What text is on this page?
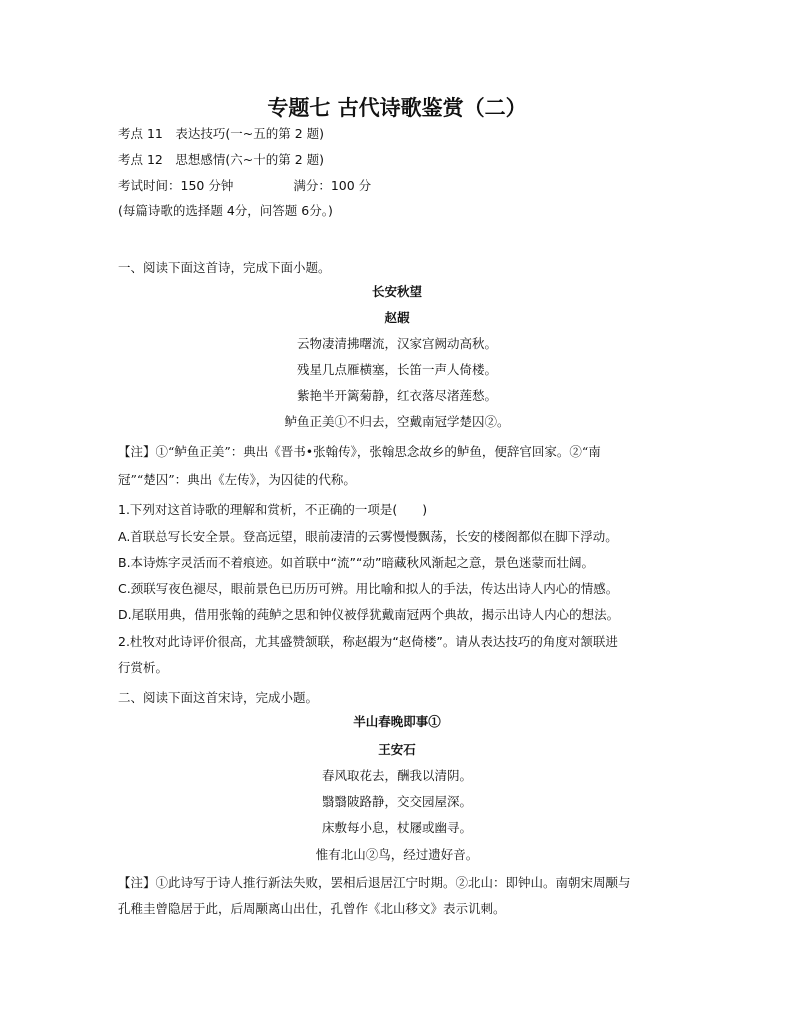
专题七 古代诗歌鉴赏（二）
考点 11　表达技巧(一~五的第 2 题)
考点 12　思想感情(六~十的第 2 题)
考试时间：150 分钟	满分：100 分
(每篇诗歌的选择题 4分，问答题 6分。)
一、阅读下面这首诗，完成下面小题。
长安秋望
赵嘏
云物凄清拂曙流，汉家宫阙动高秋。
残星几点雁横塞，长笛一声人倚楼。
紫艳半开篱菊静，红衣落尽渚莲愁。
鲈鱼正美①不归去，空戴南冠学楚囚②。
【注】①“鲈鱼正美”：典出《晋书•张翰传》，张翰思念故乡的鲈鱼，便辞官回家。②“南
冠”“楚囚”：典出《左传》，为囚徒的代称。
1.下列对这首诗歌的理解和赏析，不正确的一项是(　　)
A.首联总写长安全景。登高远望，眼前凄清的云雾慢慢飘荡，长安的楼阁都似在脚下浮动。
B.本诗炼字灵活而不着痕迹。如首联中“流”“动”暗藏秋风渐起之意，景色迷蒙而壮阔。
C.颈联写夜色褪尽，眼前景色已历历可辨。用比喻和拟人的手法，传达出诗人内心的情感。
D.尾联用典，借用张翰的莼鲈之思和钟仪被俘犹戴南冠两个典故，揭示出诗人内心的想法。
2.杜牧对此诗评价很高，尤其盛赞颔联，称赵嘏为“赵倚楼”。请从表达技巧的角度对颔联进
行赏析。
二、阅读下面这首宋诗，完成小题。
半山春晚即事①
王安石
春风取花去，酬我以清阴。
翳翳陂路静，交交园屋深。
床敷每小息，杖屦或幽寻。
惟有北山②鸟，经过遗好音。
【注】①此诗写于诗人推行新法失败，罢相后退居江宁时期。②北山：即钟山。南朝宋周颙与
孔稚圭曾隐居于此，后周颙离山出仕，孔曾作《北山移文》表示讥刺。
